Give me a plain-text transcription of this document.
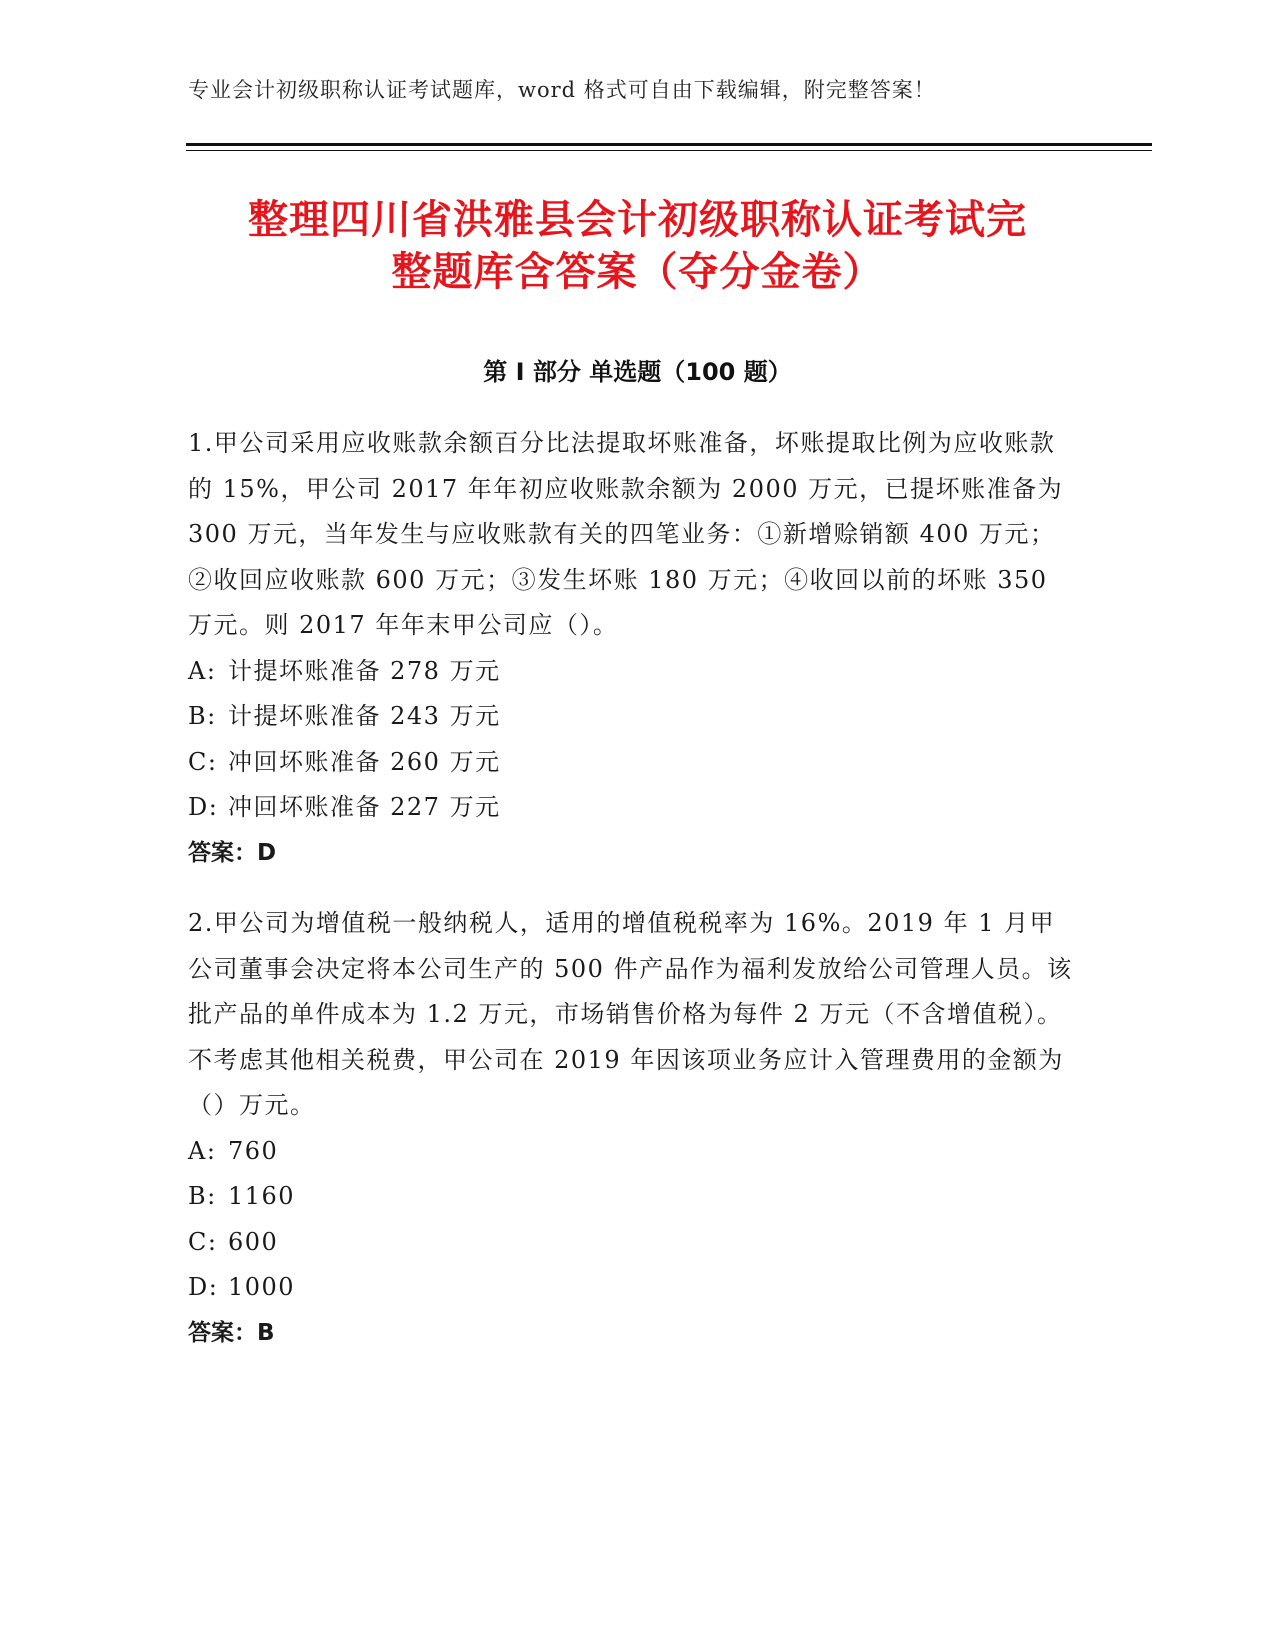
专业会计初级职称认证考试题库，word 格式可自由下载编辑，附完整答案！
整理四川省洪雅县会计初级职称认证考试完
整题库含答案（夺分金卷）
第 I 部分 单选题（100 题）

1.甲公司采用应收账款余额百分比法提取坏账准备，坏账提取比例为应收账款的 15%，甲公司 2017 年年初应收账款余额为 2000 万元，已提坏账准备为 300 万元，当年发生与应收账款有关的四笔业务：①新增赊销额 400 万元；②收回应收账款 600 万元；③发生坏账 180 万元；④收回以前的坏账 350 万元。则 2017 年年末甲公司应（）。

A: 计提坏账准备 278 万元

B: 计提坏账准备 243 万元

C: 冲回坏账准备 260 万元

D: 冲回坏账准备 227 万元

答案：D

2.甲公司为增值税一般纳税人，适用的增值税税率为 16%。2019 年 1 月甲公司董事会决定将本公司生产的 500 件产品作为福利发放给公司管理人员。该批产品的单件成本为 1.2 万元，市场销售价格为每件 2 万元（不含增值税）。不考虑其他相关税费，甲公司在 2019 年因该项业务应计入管理费用的金额为（）万元。

A: 760

B: 1160

C: 600

D: 1000

答案：B
